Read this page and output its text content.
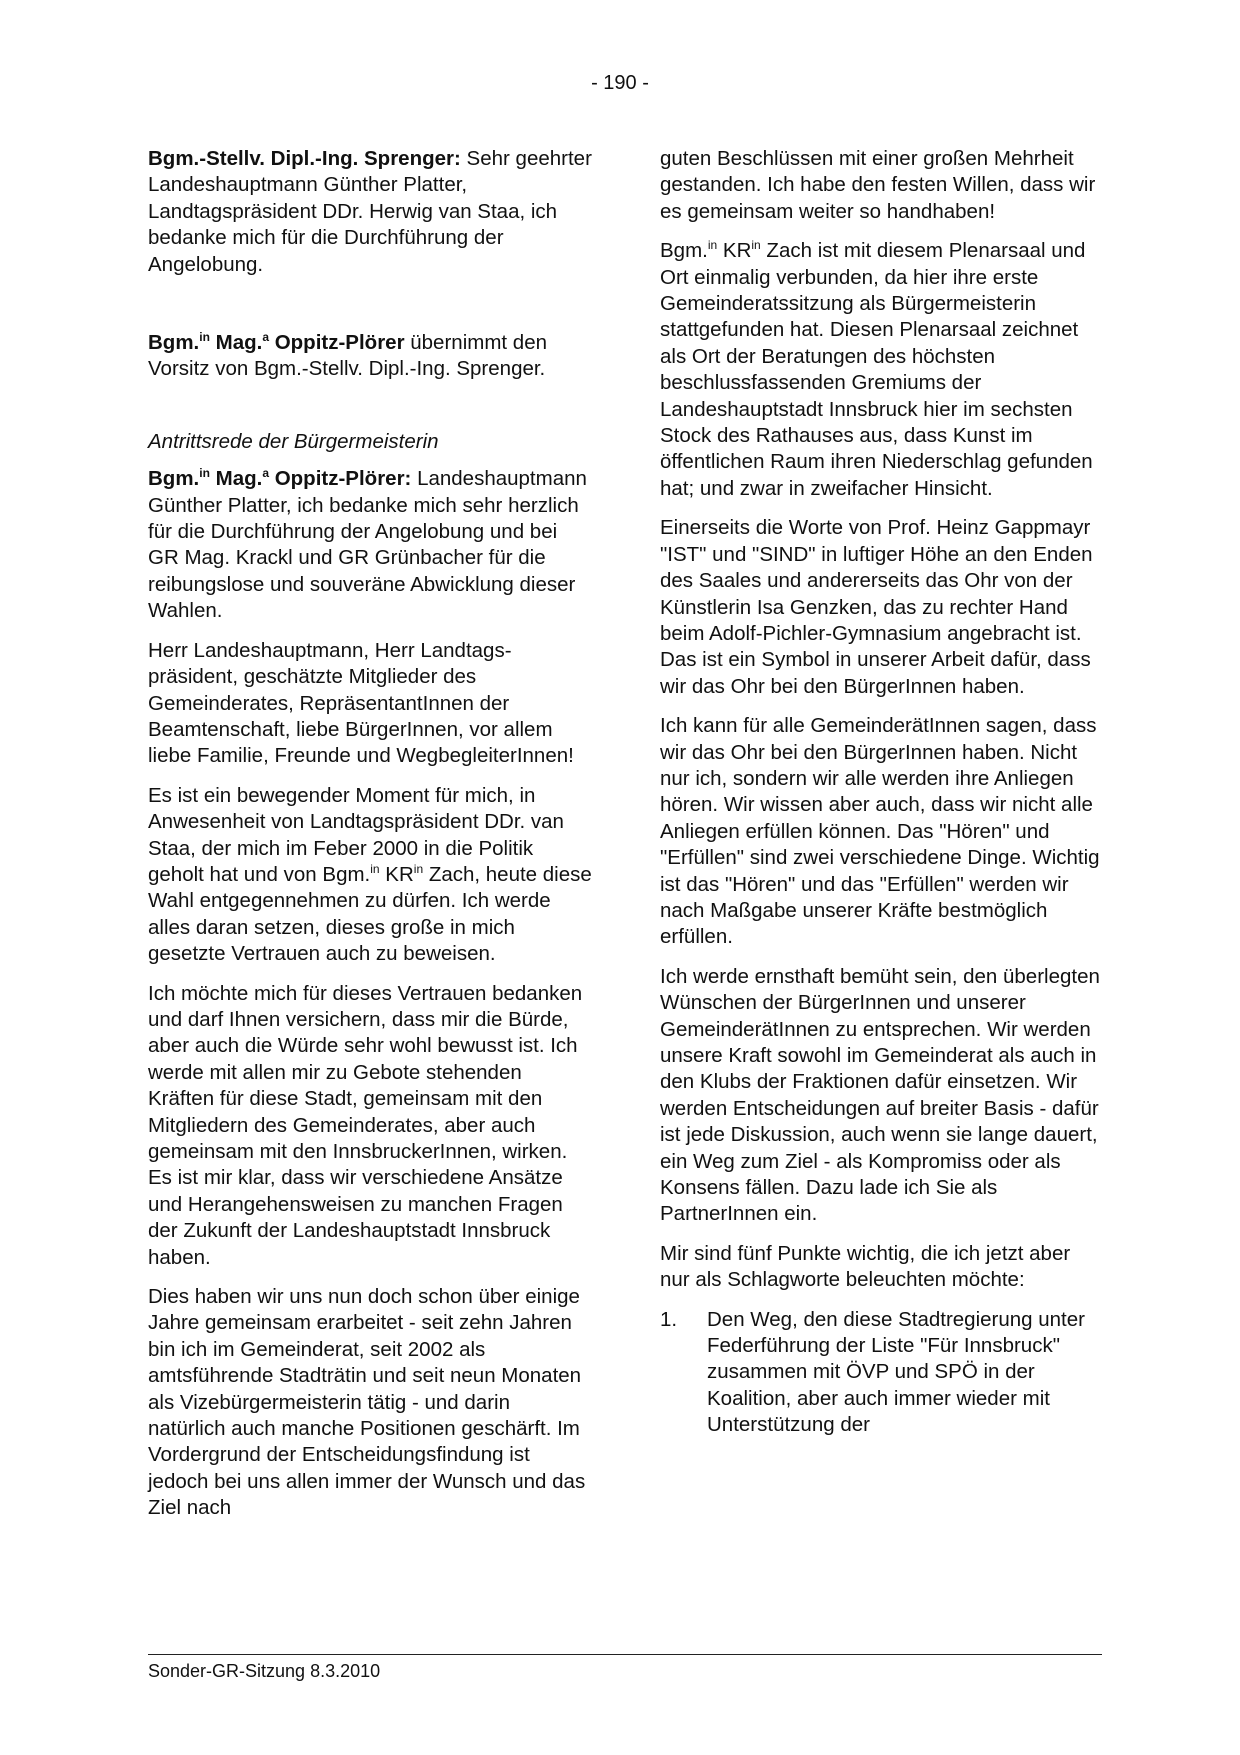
- 190 -

Bgm.-Stellv. Dipl.-Ing. Sprenger: Sehr geehrter Landeshauptmann Günther Platter, Landtagspräsident DDr. Herwig van Staa, ich bedanke mich für die Durchführung der Angelobung.

Bgm.$^{in}$ Mag.$^a$ Oppitz-Plörer übernimmt den Vorsitz von Bgm.-Stellv. Dipl.-Ing. Sprenger.

Antrittsrede der Bürgermeisterin

Bgm.$^{in}$ Mag.$^a$ Oppitz-Plörer: Landeshauptmann Günther Platter, ich bedanke mich sehr herzlich für die Durchführung der Angelobung und bei GR Mag. Krackl und GR Grünbacher für die reibungslose und souveräne Abwicklung dieser Wahlen.

Herr Landeshauptmann, Herr Landtagspräsident, geschätzte Mitglieder des Gemeinderates, RepräsentantInnen der Beamtenschaft, liebe BürgerInnen, vor allem liebe Familie, Freunde und WegbegleiterInnen!

Es ist ein bewegender Moment für mich, in Anwesenheit von Landtagspräsident DDr. van Staa, der mich im Feber 2000 in die Politik geholt hat und von Bgm.$^{in}$ $KR^{in}$ Zach, heute diese Wahl entgegennehmen zu dürfen. Ich werde alles daran setzen, dieses große in mich gesetzte Vertrauen auch zu beweisen.

Ich möchte mich für dieses Vertrauen bedanken und darf Ihnen versichern, dass mir die Bürde, aber auch die Würde sehr wohl bewusst ist. Ich werde mit allen mir zu Gebote stehenden Kräften für diese Stadt, gemeinsam mit den Mitgliedern des Gemeinderates, aber auch gemeinsam mit den InnsbruckerInnen, wirken. Es ist mir klar, dass wir verschiedene Ansätze und Herangehensweisen zu manchen Fragen der Zukunft der Landeshauptstadt Innsbruck haben.

Dies haben wir uns nun doch schon über einige Jahre gemeinsam erarbeitet - seit zehn Jahren bin ich im Gemeinderat, seit 2002 als amtsführende Stadträtin und seit neun Monaten als Vizebürgermeisterin tätig - und darin natürlich auch manche Positionen geschärft. Im Vordergrund der Entscheidungsfindung ist jedoch bei uns allen immer der Wunsch und das Ziel nach

guten Beschlüssen mit einer großen Mehrheit gestanden. Ich habe den festen Willen, dass wir es gemeinsam weiter so handhaben!

Bgm.$^{in}$ $KR^{in}$ Zach ist mit diesem Plenarsaal und Ort einmalig verbunden, da hier ihre erste Gemeinderatssitzung als Bürgermeisterin stattgefunden hat. Diesen Plenarsaal zeichnet als Ort der Beratungen des höchsten beschlussfassenden Gremiums der Landeshauptstadt Innsbruck hier im sechsten Stock des Rathauses aus, dass Kunst im öffentlichen Raum ihren Niederschlag gefunden hat; und zwar in zweifacher Hinsicht.

Einerseits die Worte von Prof. Heinz Gappmayr "IST" und "SIND" in luftiger Höhe an den Enden des Saales und andererseits das Ohr von der Künstlerin Isa Genzken, das zu rechter Hand beim Adolf-Pichler-Gymnasium angebracht ist. Das ist ein Symbol in unserer Arbeit dafür, dass wir das Ohr bei den BürgerInnen haben.

Ich kann für alle GemeinderätInnen sagen, dass wir das Ohr bei den BürgerInnen haben. Nicht nur ich, sondern wir alle werden ihre Anliegen hören. Wir wissen aber auch, dass wir nicht alle Anliegen erfüllen können. Das "Hören" und "Erfüllen" sind zwei verschiedene Dinge. Wichtig ist das "Hören" und das "Erfüllen" werden wir nach Maßgabe unserer Kräfte bestmöglich erfüllen.

Ich werde ernsthaft bemüht sein, den überlegten Wünschen der BürgerInnen und unserer GemeinderätInnen zu entsprechen. Wir werden unsere Kraft sowohl im Gemeinderat als auch in den Klubs der Fraktionen dafür einsetzen. Wir werden Entscheidungen auf breiter Basis - dafür ist jede Diskussion, auch wenn sie lange dauert, ein Weg zum Ziel - als Kompromiss oder als Konsens fällen. Dazu lade ich Sie als PartnerInnen ein.

Mir sind fünf Punkte wichtig, die ich jetzt aber nur als Schlagworte beleuchten möchte:

1.	Den Weg, den diese Stadtregierung unter Federführung der Liste "Für Innsbruck" zusammen mit ÖVP und SPÖ in der Koalition, aber auch immer wieder mit Unterstützung der
Sonder-GR-Sitzung 8.3.2010
